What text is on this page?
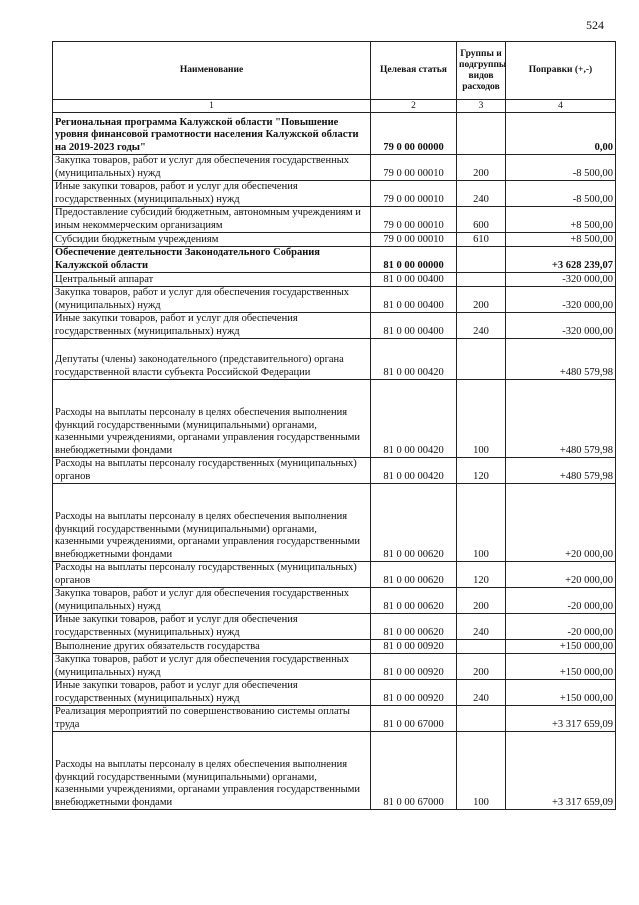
524
Наименование	Целевая статья	Группы и подгруппы видов расходов	Поправки (+,-)
1	2	3	4
Региональная программа Калужской области "Повышение уровня финансовой грамотности населения Калужской области на 2019-2023 годы"	79 0 00 00000		0,00
Закупка товаров, работ и услуг для обеспечения государственных (муниципальных) нужд	79 0 00 00010	200	-8 500,00
Иные закупки товаров, работ и услуг для обеспечения государственных (муниципальных) нужд	79 0 00 00010	240	-8 500,00
Предоставление субсидий бюджетным, автономным учреждениям и иным некоммерческим организациям	79 0 00 00010	600	+8 500,00
Субсидии бюджетным учреждениям	79 0 00 00010	610	+8 500,00
Обеспечение деятельности Законодательного Собрания Калужской области	81 0 00 00000		+3 628 239,07
Центральный аппарат	81 0 00 00400		-320 000,00
Закупка товаров, работ и услуг для обеспечения государственных (муниципальных) нужд	81 0 00 00400	200	-320 000,00
Иные закупки товаров, работ и услуг для обеспечения государственных (муниципальных) нужд	81 0 00 00400	240	-320 000,00
Депутаты (члены) законодательного (представительного) органа государственной власти субъекта Российской Федерации	81 0 00 00420		+480 579,98
Расходы на выплаты персоналу в целях обеспечения выполнения функций государственными (муниципальными) органами, казенными учреждениями, органами управления государственными внебюджетными фондами	81 0 00 00420	100	+480 579,98
Расходы на выплаты персоналу государственных (муниципальных) органов	81 0 00 00420	120	+480 579,98
Расходы на выплаты персоналу в целях обеспечения выполнения функций государственными (муниципальными) органами, казенными учреждениями, органами управления государственными внебюджетными фондами	81 0 00 00620	100	+20 000,00
Расходы на выплаты персоналу государственных (муниципальных) органов	81 0 00 00620	120	+20 000,00
Закупка товаров, работ и услуг для обеспечения государственных (муниципальных) нужд	81 0 00 00620	200	-20 000,00
Иные закупки товаров, работ и услуг для обеспечения государственных (муниципальных) нужд	81 0 00 00620	240	-20 000,00
Выполнение других обязательств государства	81 0 00 00920		+150 000,00
Закупка товаров, работ и услуг для обеспечения государственных (муниципальных) нужд	81 0 00 00920	200	+150 000,00
Иные закупки товаров, работ и услуг для обеспечения государственных (муниципальных) нужд	81 0 00 00920	240	+150 000,00
Реализация мероприятий по совершенствованию системы оплаты труда	81 0 00 67000		+3 317 659,09
Расходы на выплаты персоналу в целях обеспечения выполнения функций государственными (муниципальными) органами, казенными учреждениями, органами управления государственными внебюджетными фондами	81 0 00 67000	100	+3 317 659,09
